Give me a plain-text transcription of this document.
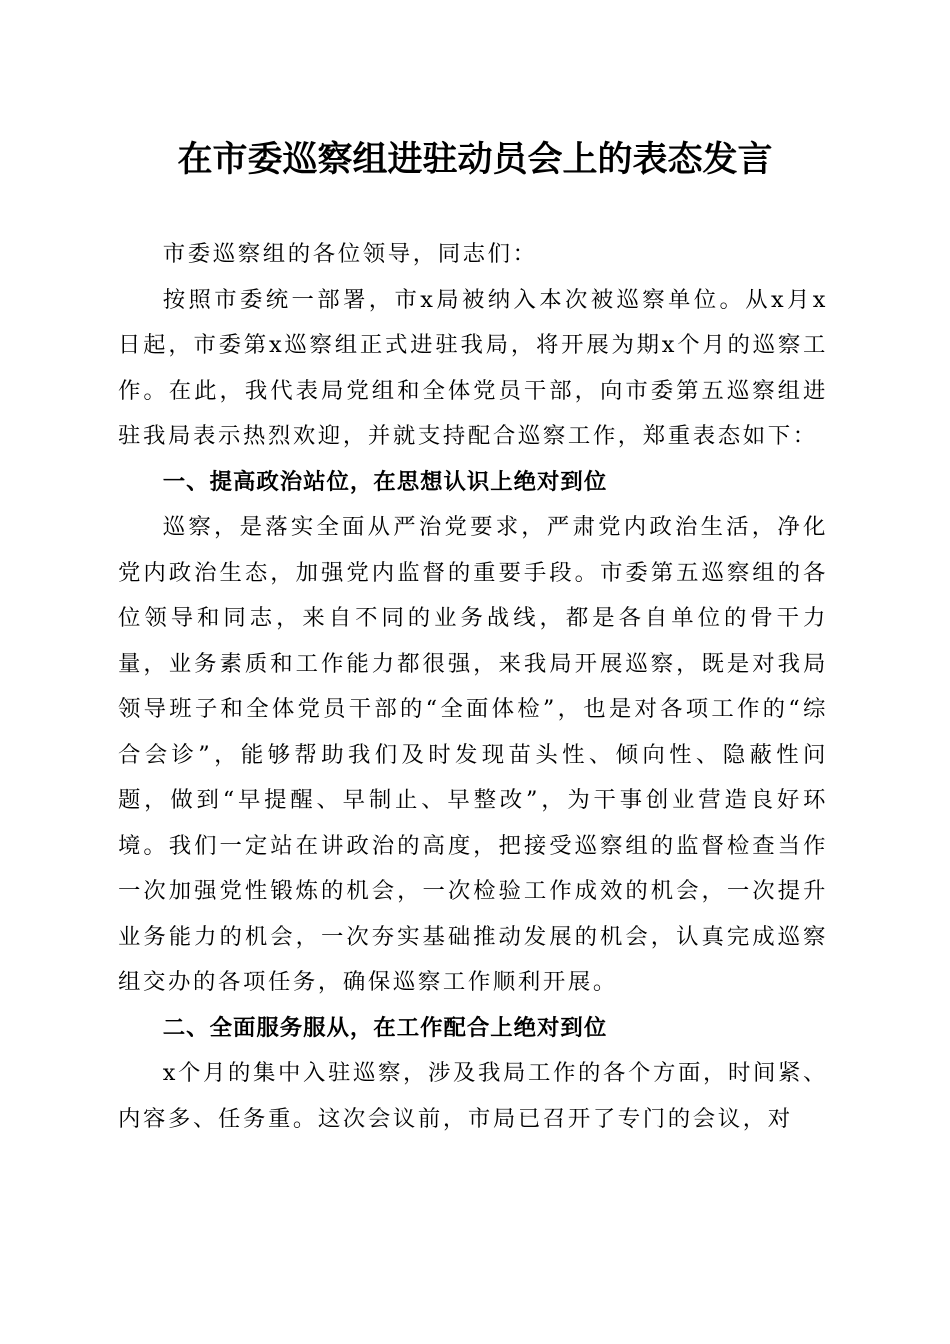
在市委巡察组进驻动员会上的表态发言

市委巡察组的各位领导，同志们：

按照市委统一部署，市x局被纳入本次被巡察单位。从x月x日起，市委第x巡察组正式进驻我局，将开展为期x个月的巡察工作。在此，我代表局党组和全体党员干部，向市委第五巡察组进驻我局表示热烈欢迎，并就支持配合巡察工作，郑重表态如下：

一、提高政治站位，在思想认识上绝对到位

巡察，是落实全面从严治党要求，严肃党内政治生活，净化党内政治生态，加强党内监督的重要手段。市委第五巡察组的各位领导和同志，来自不同的业务战线，都是各自单位的骨干力量，业务素质和工作能力都很强，来我局开展巡察，既是对我局领导班子和全体党员干部的“全面体检”，也是对各项工作的“综合会诊”，能够帮助我们及时发现苗头性、倾向性、隐蔽性问题，做到“早提醒、早制止、早整改”，为干事创业营造良好环境。我们一定站在讲政治的高度，把接受巡察组的监督检查当作一次加强党性锻炼的机会，一次检验工作成效的机会，一次提升业务能力的机会，一次夯实基础推动发展的机会，认真完成巡察组交办的各项任务，确保巡察工作顺利开展。

二、全面服务服从，在工作配合上绝对到位

x个月的集中入驻巡察，涉及我局工作的各个方面，时间紧、内容多、任务重。这次会议前，市局已召开了专门的会议，对
